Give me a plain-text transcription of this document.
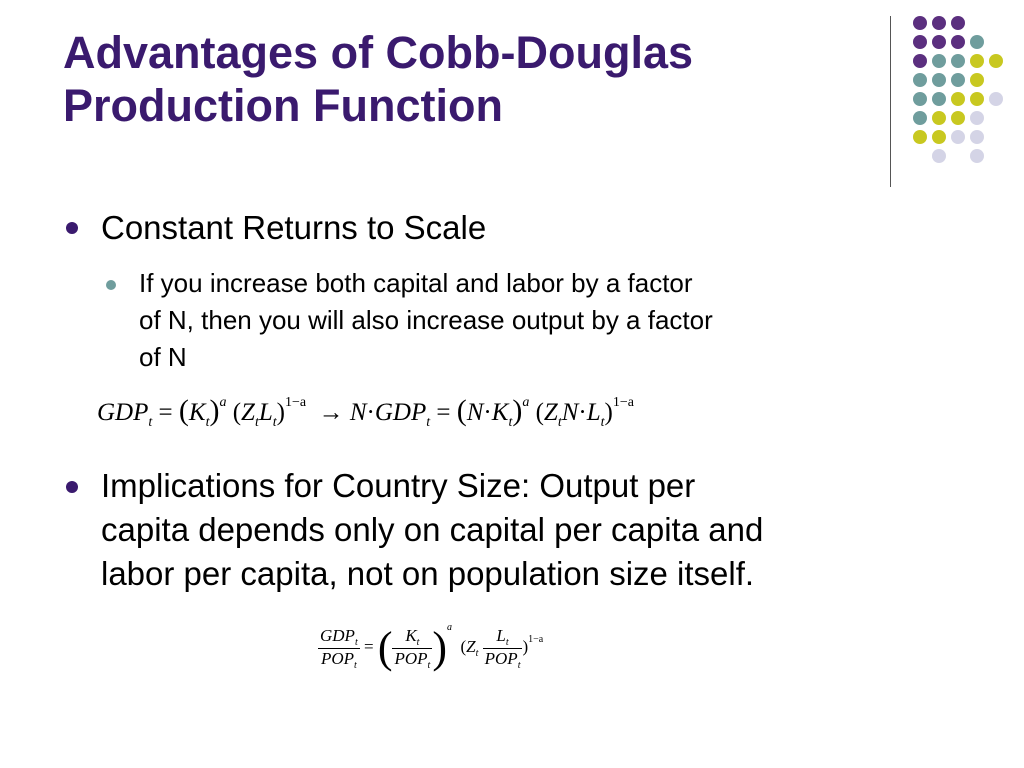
Advantages of Cobb-Douglas
Production Function
Constant Returns to Scale
If you increase both capital and labor by a factor
of N, then you will also increase output by a factor
of N
$GDP_t = (K_t)^a$ $(Z_tL_t)^{1-a} \to N\cdot GDP_t = (N\cdot K_t)^a$ $(Z_tN\cdot L_t)^{1-a}$
Implications for Country Size: Output per
capita depends only on capital per capita and
labor per capita, not on population size itself.
$\frac{GDP_t}{POP_t}$ = ( $\frac{K_t}{POP_t} )^a$  $(Z_t \frac{L_t}{POP_t} )^{1-a}$
